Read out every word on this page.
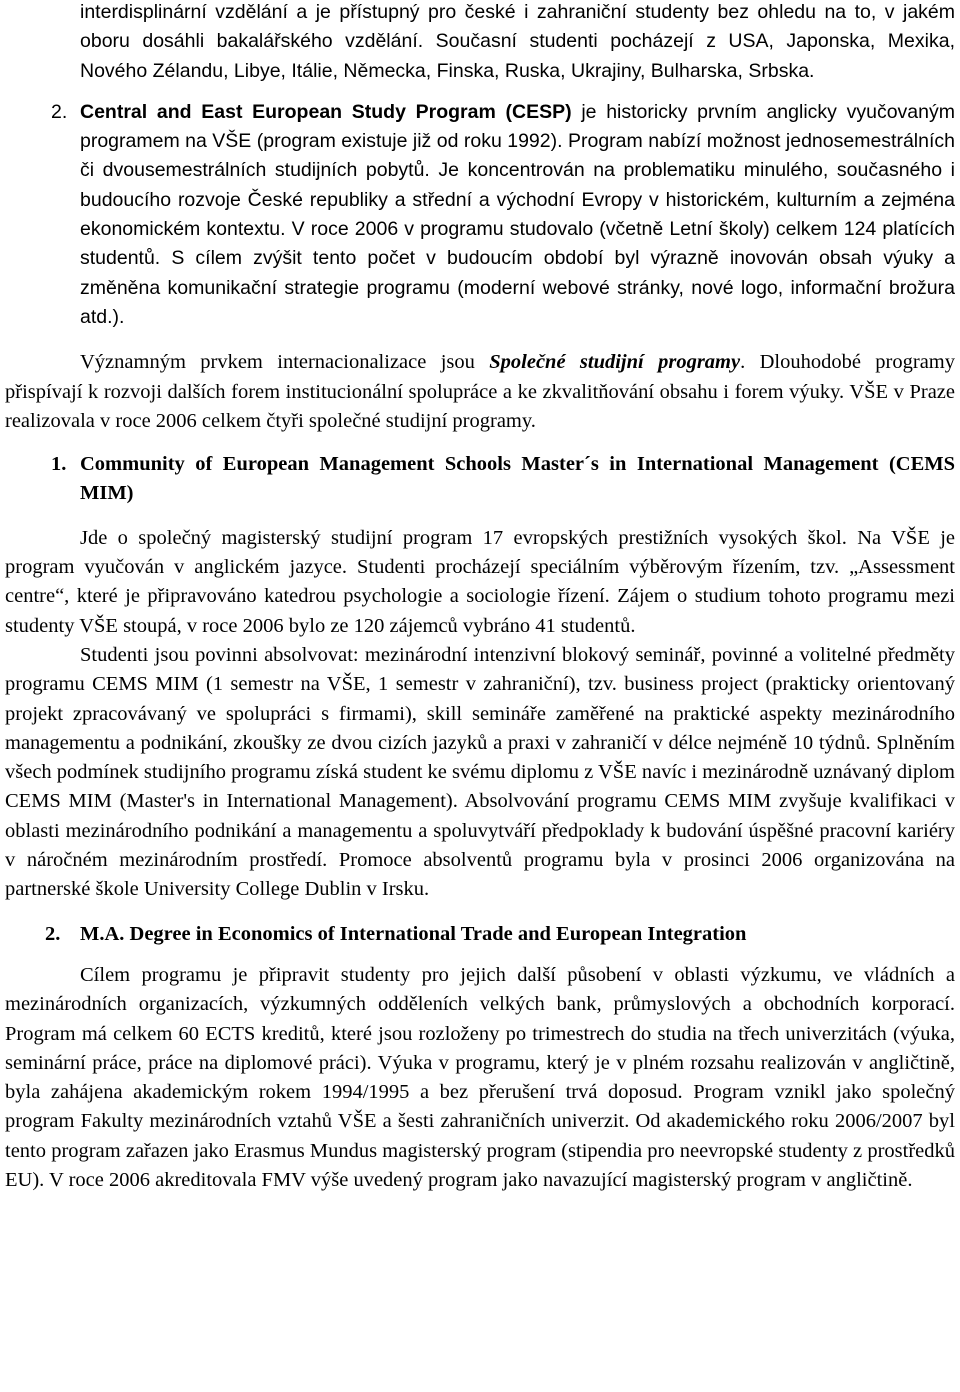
interdisplinární vzdělání a je přístupný pro české i zahraniční studenty bez ohledu na to, v jakém oboru dosáhli bakalářského vzdělání. Současní studenti pocházejí z USA, Japonska, Mexika, Nového Zélandu, Libye, Itálie, Německa, Finska, Ruska, Ukrajiny, Bulharska, Srbska.

2. Central and East European Study Program (CESP) je historicky prvním anglicky vyučovaným programem na VŠE (program existuje již od roku 1992). Program nabízí možnost jednosemestrálních či dvousemestrálních studijních pobytů. Je koncentrován na problematiku minulého, současného i budoucího rozvoje České republiky a střední a východní Evropy v historickém, kulturním a zejména ekonomickém kontextu. V roce 2006 v programu studovalo (včetně Letní školy) celkem 124 platících studentů. S cílem zvýšit tento počet v budoucím období byl výrazně inovován obsah výuky a změněna komunikační strategie programu (moderní webové stránky, nové logo, informační brožura atd.).

Významným prvkem internacionalizace jsou Společné studijní programy. Dlouhodobé programy přispívají k rozvoji dalších forem institucionální spolupráce a ke zkvalitňování obsahu i forem výuky. VŠE v Praze realizovala v roce 2006 celkem čtyři společné studijní programy.

1. Community of European Management Schools Master´s in International Management (CEMS MIM)

Jde o společný magisterský studijní program 17 evropských prestižních vysokých škol. Na VŠE je program vyučován v anglickém jazyce. Studenti procházejí speciálním výběrovým řízením, tzv. „Assessment centre“, které je připravováno katedrou psychologie a sociologie řízení. Zájem o studium tohoto programu mezi studenty VŠE stoupá, v roce 2006 bylo ze 120 zájemců vybráno 41 studentů.

Studenti jsou povinni absolvovat: mezinárodní intenzivní blokový seminář, povinné a volitelné předměty programu CEMS MIM (1 semestr na VŠE, 1 semestr v zahraniční), tzv. business project (prakticky orientovaný projekt zpracovávaný ve spolupráci s firmami), skill semináře zaměřené na praktické aspekty mezinárodního managementu a podnikání, zkoušky ze dvou cizích jazyků a praxi v zahraničí v délce nejméně 10 týdnů. Splněním všech podmínek studijního programu získá student ke svému diplomu z VŠE navíc i mezinárodně uznávaný diplom CEMS MIM (Master's in International Management). Absolvování programu CEMS MIM zvyšuje kvalifikaci v oblasti mezinárodního podnikání a managementu a spoluvytváří předpoklady k budování úspěšné pracovní kariéry v náročném mezinárodním prostředí. Promoce absolventů programu byla v prosinci 2006 organizována na partnerské škole University College Dublin v Irsku.

2. M.A. Degree in Economics of International Trade and European Integration

Cílem programu je připravit studenty pro jejich další působení v oblasti výzkumu, ve vládních a mezinárodních organizacích, výzkumných odděleních velkých bank, průmyslových a obchodních korporací. Program má celkem 60 ECTS kreditů, které jsou rozloženy po trimestrech do studia na třech univerzitách (výuka, seminární práce, práce na diplomové práci). Výuka v programu, který je v plném rozsahu realizován v angličtině, byla zahájena akademickým rokem 1994/1995 a bez přerušení trvá doposud. Program vznikl jako společný program Fakulty mezinárodních vztahů VŠE a šesti zahraničních univerzit. Od akademického roku 2006/2007 byl tento program zařazen jako Erasmus Mundus magisterský program (stipendia pro neevropské studenty z prostředků EU). V roce 2006 akreditovala FMV výše uvedený program jako navazující magisterský program v angličtině.
